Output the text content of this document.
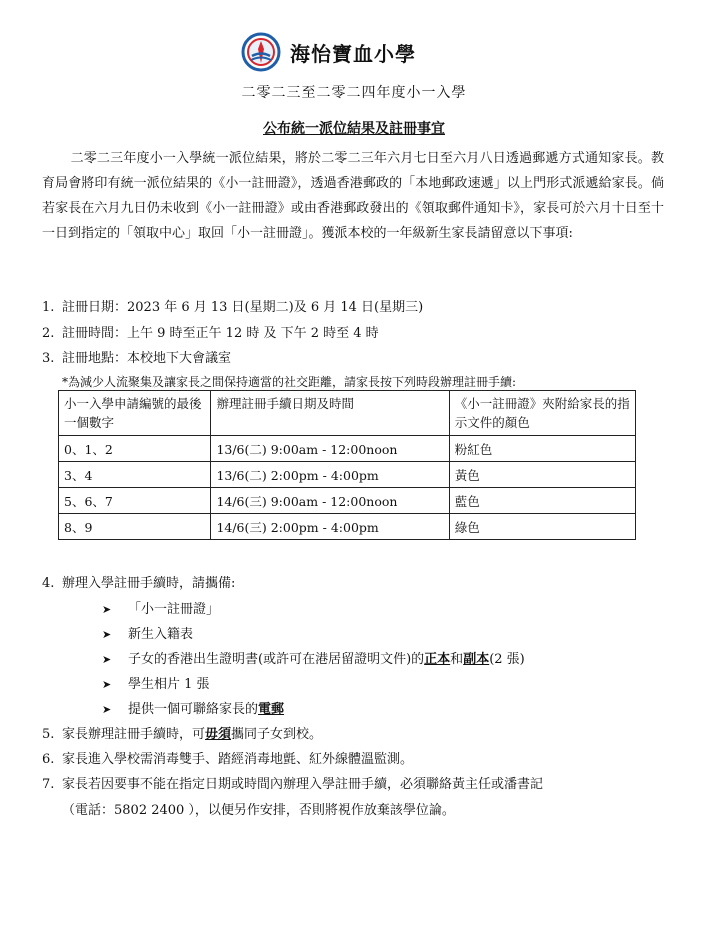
海怡寶血小學
二零二三至二零二四年度小一入學
公布統一派位結果及註冊事宜
二零二三年度小一入學統一派位結果，將於二零二三年六月七日至六月八日透過郵遞方式通知家長。教育局會將印有統一派位結果的《小一註冊證》，透過香港郵政的「本地郵政速遞」以上門形式派遞給家長。倘若家長在六月九日仍未收到《小一註冊證》或由香港郵政發出的《領取郵件通知卡》，家長可於六月十日至十一日到指定的「領取中心」取回「小一註冊證」。獲派本校的一年級新生家長請留意以下事項:
1. 註冊日期：2023 年 6 月 13 日(星期二)及 6 月 14 日(星期三)
2. 註冊時間：上午 9 時至正午 12 時 及 下午 2 時至 4 時
3. 註冊地點：本校地下大會議室
*為減少人流聚集及讓家長之間保持適當的社交距離，請家長按下列時段辦理註冊手續:
小一入學申請編號的最後一個數字	辦理註冊手續日期及時間	《小一註冊證》夾附給家長的指示文件的顏色
0、1、2	13/6(二) 9:00am - 12:00noon	粉紅色
3、4	13/6(二) 2:00pm - 4:00pm	黃色
5、6、7	14/6(三) 9:00am - 12:00noon	藍色
8、9	14/6(三) 2:00pm - 4:00pm	綠色
4. 辦理入學註冊手續時，請攜備:
➤ 「小一註冊證」
➤ 新生入籍表
➤ 子女的香港出生證明書(或許可在港居留證明文件)的正本和副本(2 張)
➤ 學生相片 1 張
➤ 提供一個可聯絡家長的電郵
5. 家長辦理註冊手續時，可毋須攜同子女到校。
6. 家長進入學校需消毒雙手、踏經消毒地氈、紅外線體溫監測。
7. 家長若因要事不能在指定日期或時間內辦理入學註冊手續，必須聯絡黃主任或潘書記
（電話：5802 2400 ），以便另作安排，否則將視作放棄該學位論。
